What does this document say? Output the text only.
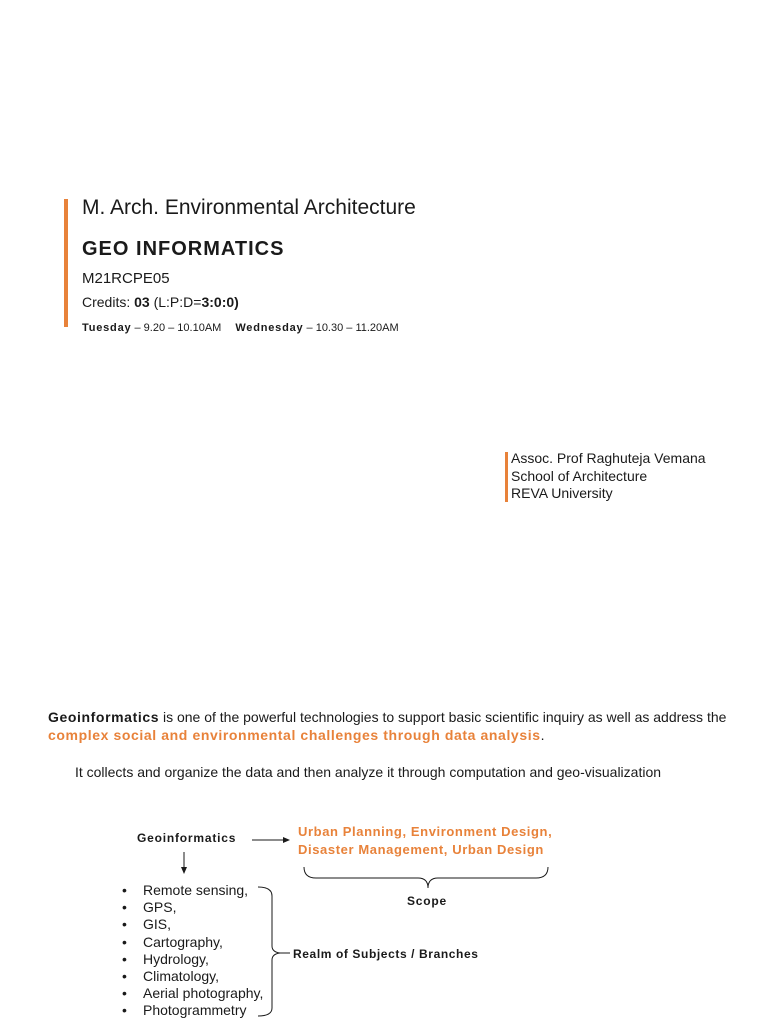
M. Arch. Environmental Architecture
GEO INFORMATICS
M21RCPE05
Credits: 03 (L:P:D=3:0:0)
Tuesday – 9.20 – 10.10AM Wednesday – 10.30 – 11.20AM
Assoc. Prof Raghuteja Vemana
School of Architecture
REVA University
Geoinformatics is one of the powerful technologies to support basic scientific inquiry as well as address the complex social and environmental challenges through data analysis.
It collects and organize the data and then analyze it through computation and geo-visualization
Geoinformatics	Urban Planning, Environment Design,
Disaster Management, Urban Design
Scope
• Remote sensing,
• GPS,
• GIS,
• Cartography,
• Hydrology,
• Climatology,
• Aerial photography,
• Photogrammetry
Realm of Subjects / Branches
